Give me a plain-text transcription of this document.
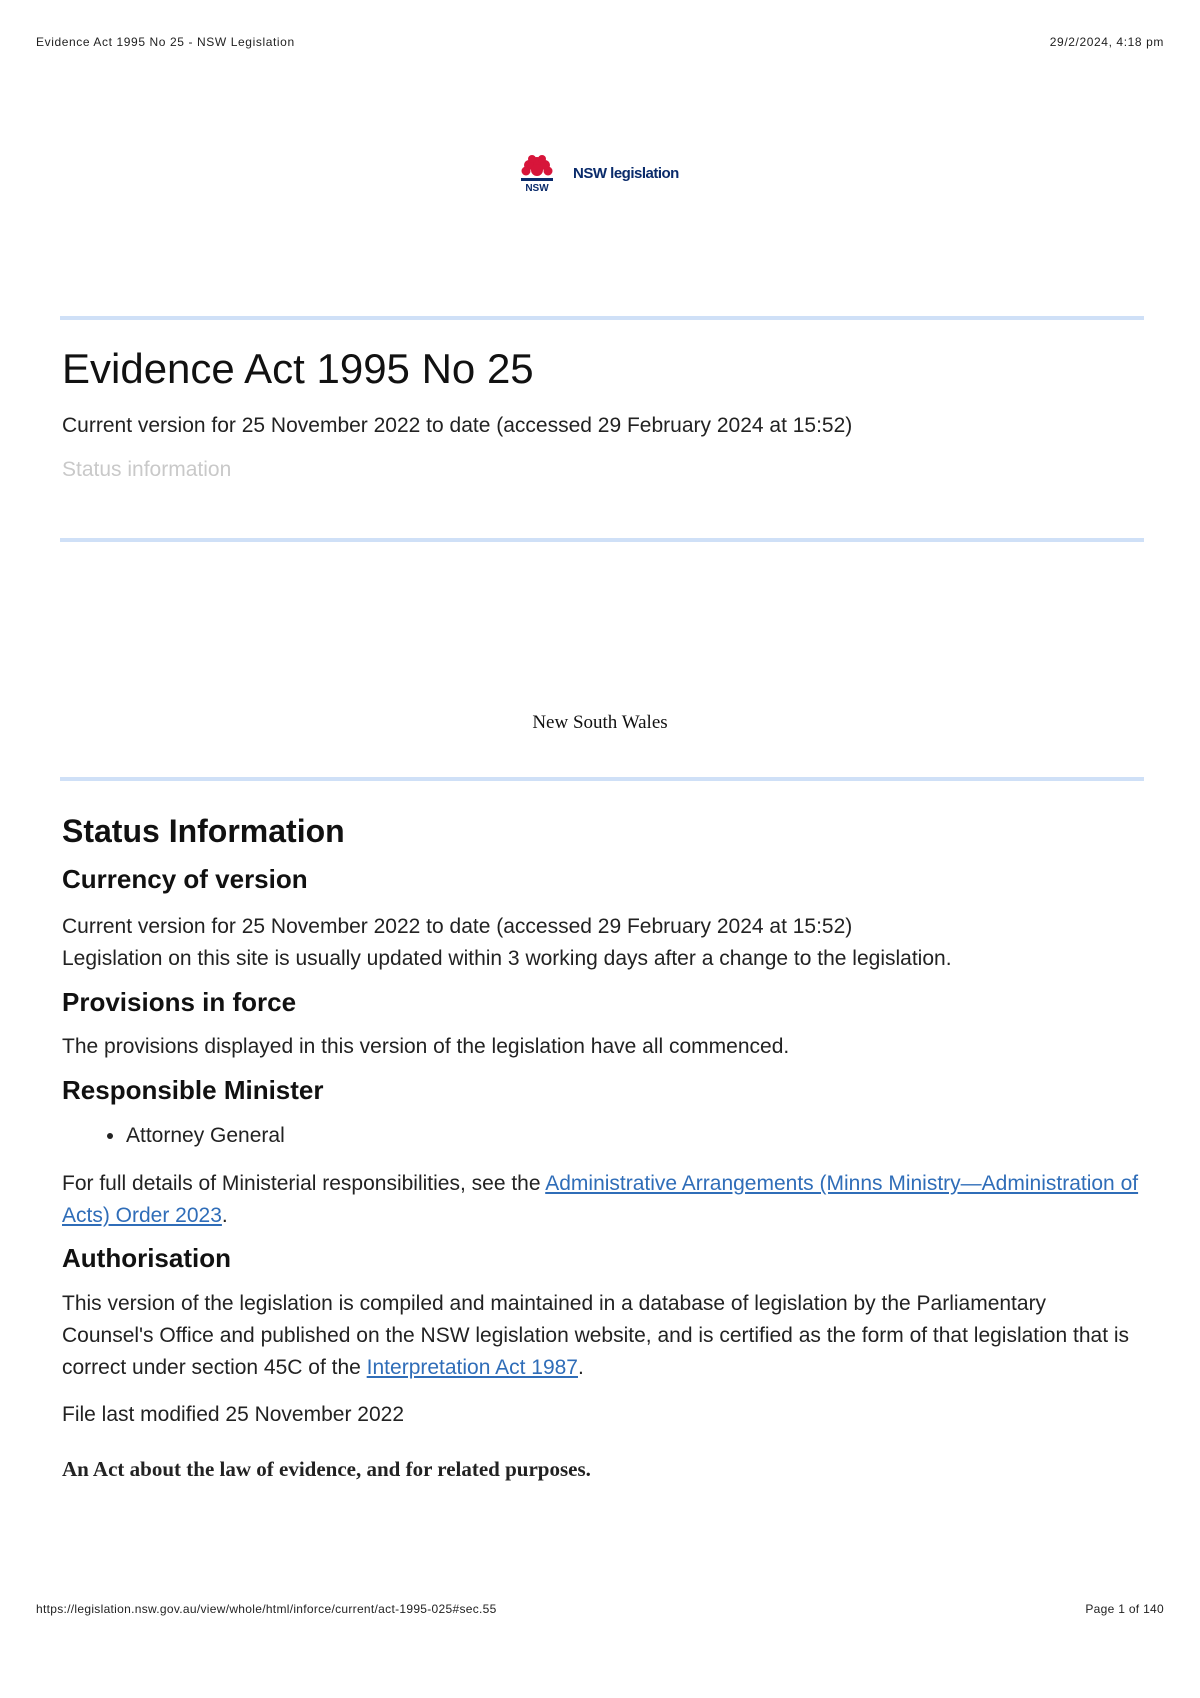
Evidence Act 1995 No 25 - NSW Legislation	29/2/2024, 4:18 pm
NSW
NSW legislation
Evidence Act 1995 No 25
Current version for 25 November 2022 to date (accessed 29 February 2024 at 15:52)
Status information
New South Wales
Status Information
Currency of version

Current version for 25 November 2022 to date (accessed 29 February 2024 at 15:52)

Legislation on this site is usually updated within 3 working days after a change to the legislation.

Provisions in force

The provisions displayed in this version of the legislation have all commenced.

Responsible Minister
• Attorney General

For full details of Ministerial responsibilities, see the Administrative Arrangements (Minns Ministry—Administration of Acts) Order 2023.

Authorisation

This version of the legislation is compiled and maintained in a database of legislation by the Parliamentary Counsel's Office and published on the NSW legislation website, and is certified as the form of that legislation that is correct under section 45C of the Interpretation Act 1987.

File last modified 25 November 2022

An Act about the law of evidence, and for related purposes.

https://legislation.nsw.gov.au/view/whole/html/inforce/current/act-1995-025#sec.55	Page 1 of 140
